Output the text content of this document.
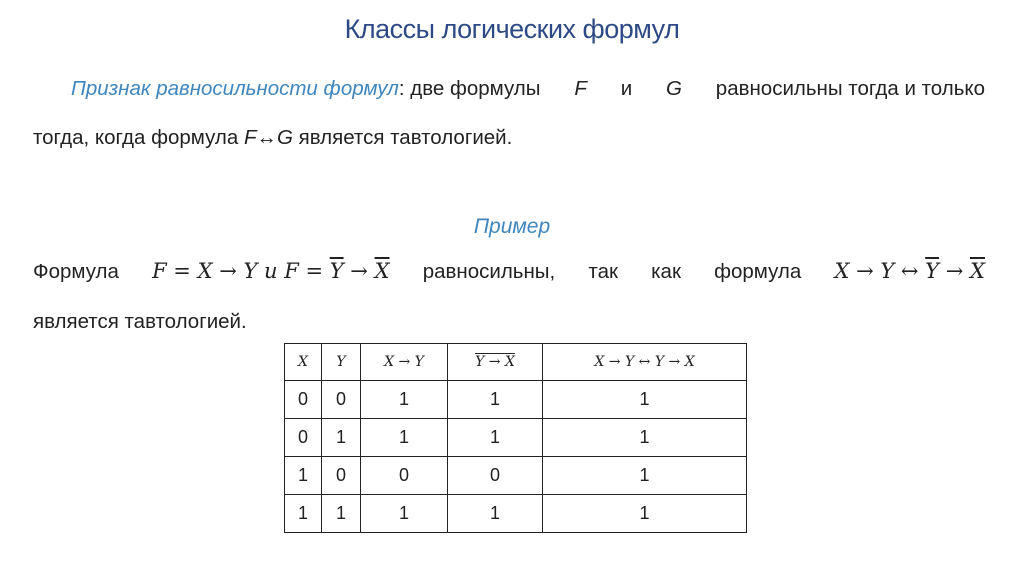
Классы логических формул
Признак равносильности формул: две формулы F и G равносильны тогда и только
тогда, когда формула F↔G является тавтологией.
Пример
Формула F = X → Y и $F = \overline{Y} \to \overline{X}$ равносильны, так как формула X → Y ↔ $\overline{Y} \to \overline{X}$
является тавтологией.
X	Y	X → Y	Y → X	X → Y ↔ Y → X
0	0	1	1	1
0	1	1	1	1
1	0	0	0	1
1	1	1	1	1
